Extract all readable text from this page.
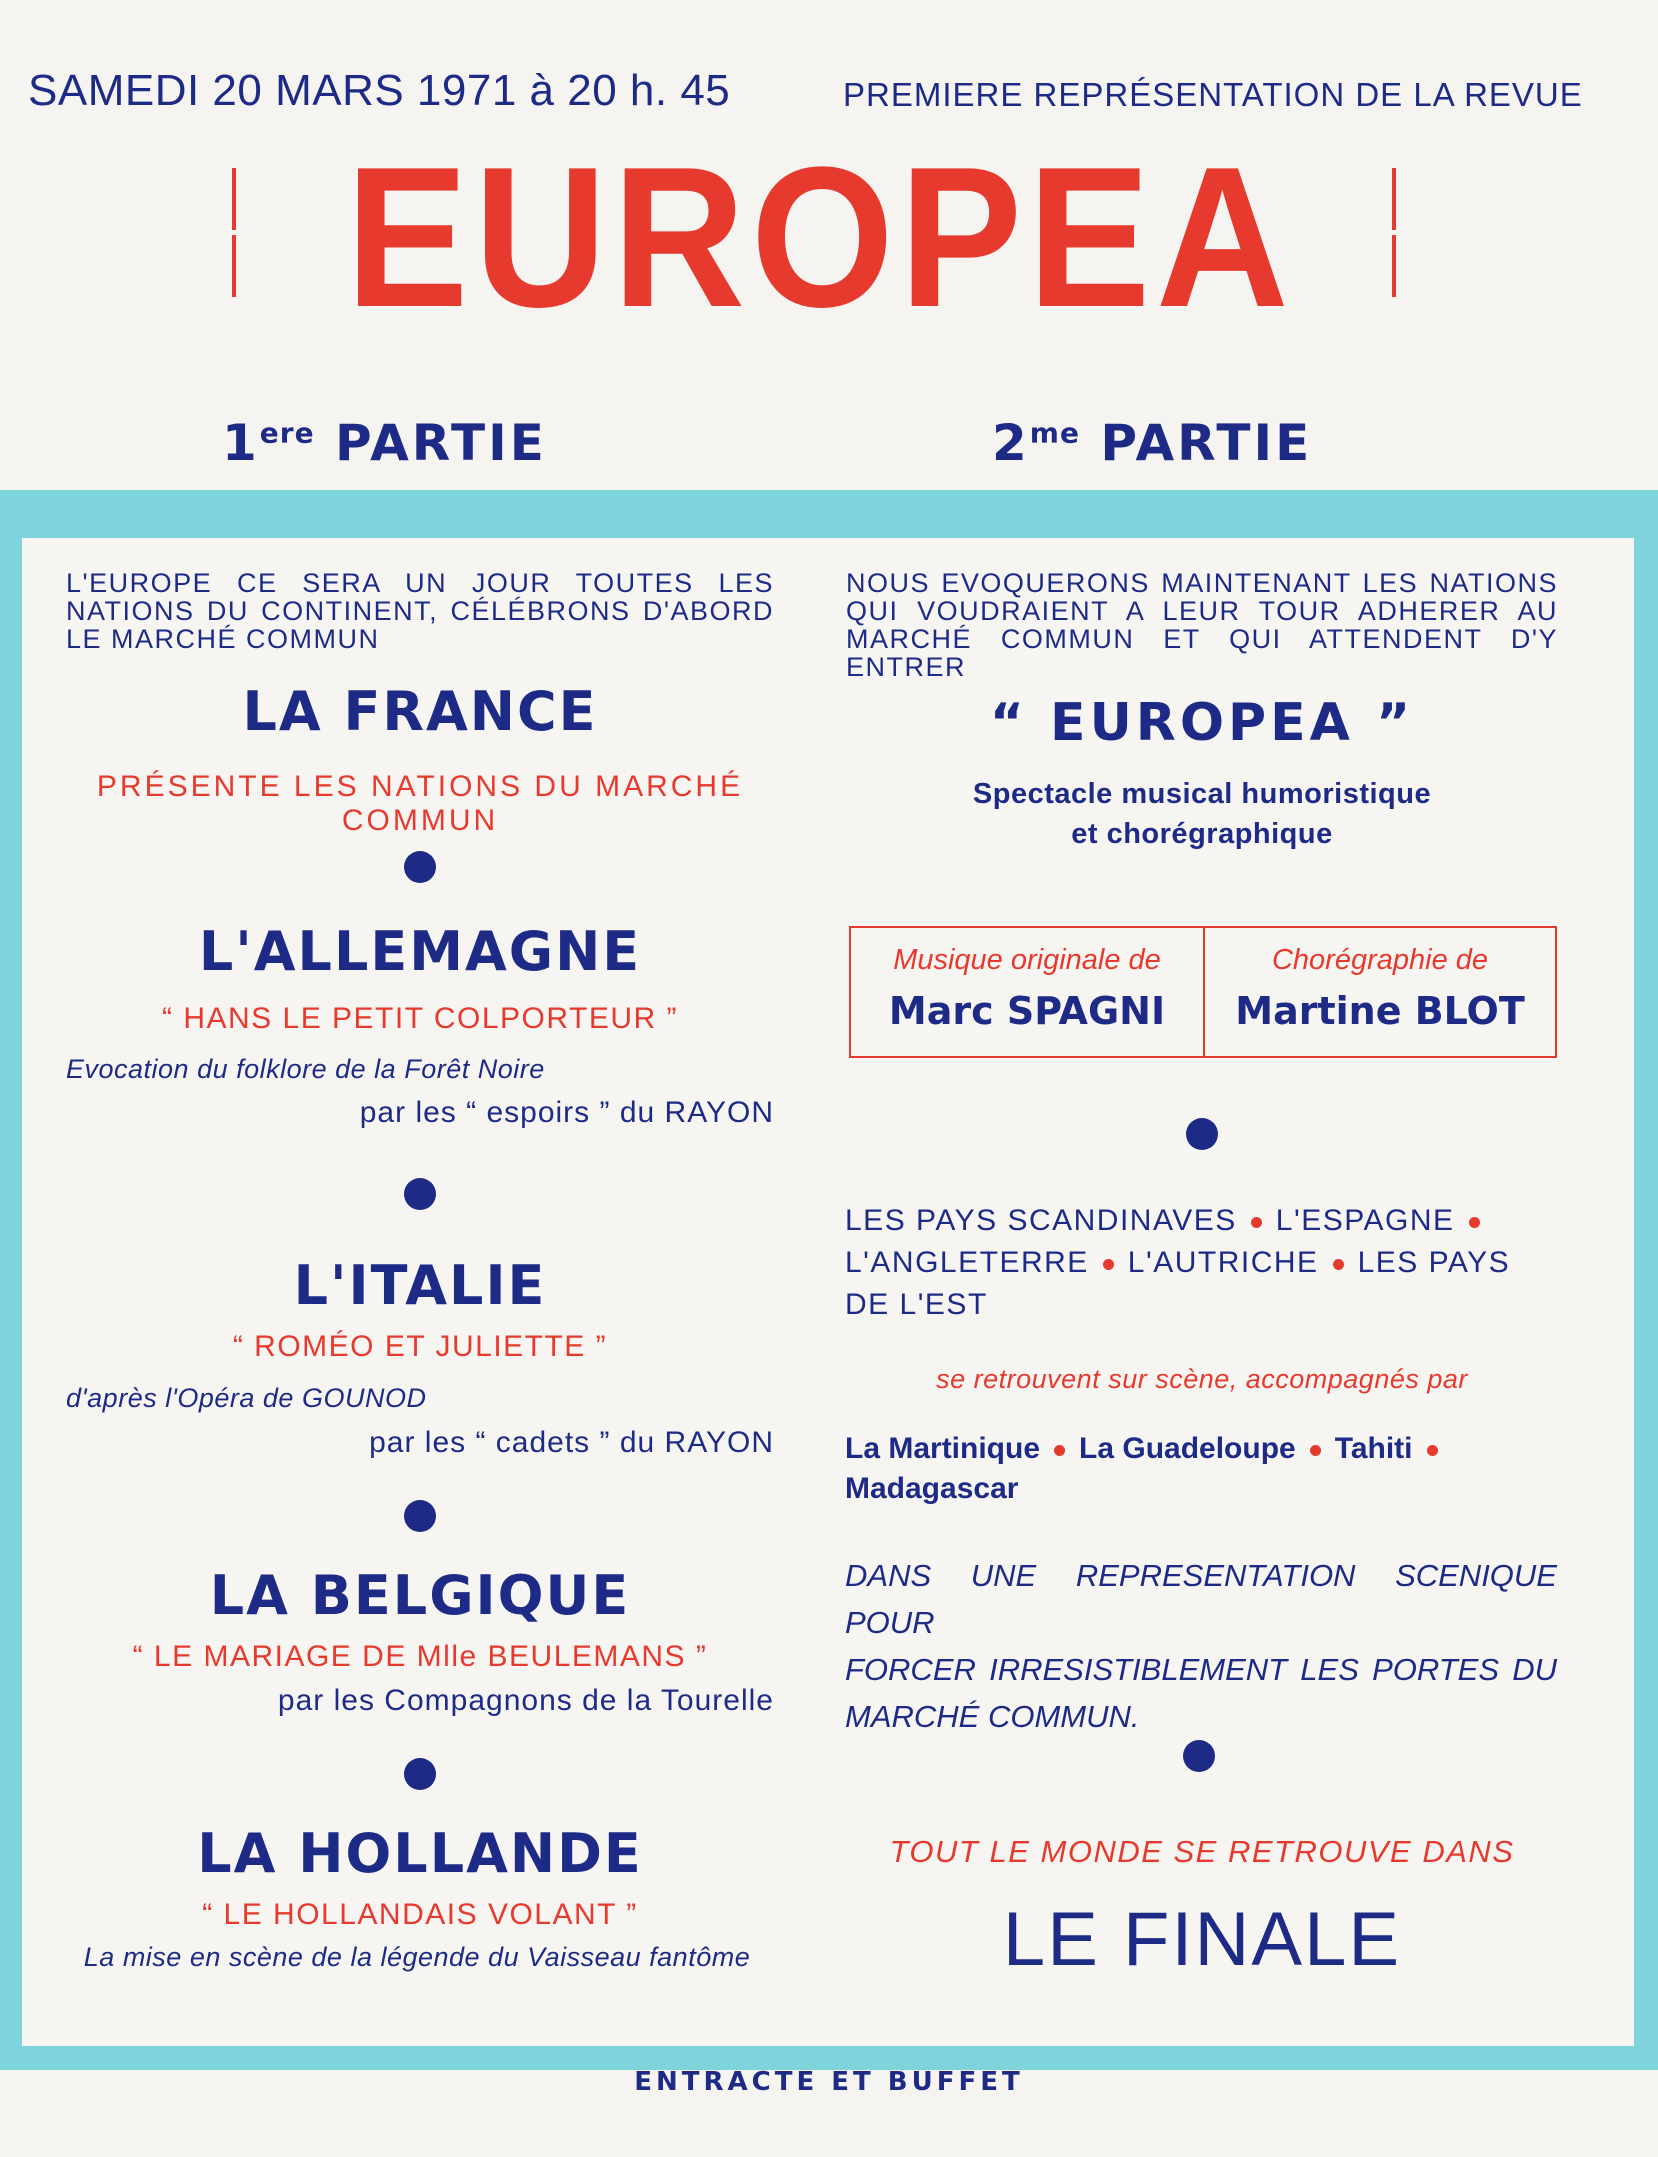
SAMEDI 20 MARS 1971 à 20 h. 45	PREMIERE REPRÉSENTATION DE LA REVUE
EUROPEA
1ere PARTIE	$2^{me}$ PARTIE
L'EUROPE CE SERA UN JOUR TOUTES LES
NATIONS DU CONTINENT, CÉLÉBRONS D'ABORD
LE MARCHÉ COMMUN
LA FRANCE
PRÉSENTE LES NATIONS DU MARCHÉ COMMUN
L'ALLEMAGNE
“ HANS LE PETIT COLPORTEUR ”
Evocation du folklore de la Forêt Noire
par les “ espoirs ” du RAYON
L'ITALIE
“ ROMÉO ET JULIETTE ”
d'après l'Opéra de GOUNOD
par les “ cadets ” du RAYON
LA BELGIQUE
“ LE MARIAGE DE Mlle BEULEMANS ”
par les Compagnons de la Tourelle
LA HOLLANDE
“ LE HOLLANDAIS VOLANT ”
La mise en scène de la légende du Vaisseau fantôme
NOUS EVOQUERONS MAINTENANT LES NATIONS
QUI VOUDRAIENT A LEUR TOUR ADHERER AU
MARCHÉ COMMUN ET QUI ATTENDENT D'Y ENTRER
“ EUROPEA ”
Spectacle musical humoristique
et chorégraphique
Musique originale de
Marc SPAGNI
Chorégraphie de
Martine BLOT
LES PAYS SCANDINAVES L'ESPAGNE
L'ANGLETERRE L'AUTRICHE LES PAYS
DE L'EST
se retrouvent sur scène, accompagnés par
La Martinique La Guadeloupe Tahiti
Madagascar
DANS UNE REPRESENTATION SCENIQUE POUR
FORCER IRRESISTIBLEMENT LES PORTES DU
MARCHÉ COMMUN.
TOUT LE MONDE SE RETROUVE DANS
LE FINALE
ENTRACTE ET BUFFET
